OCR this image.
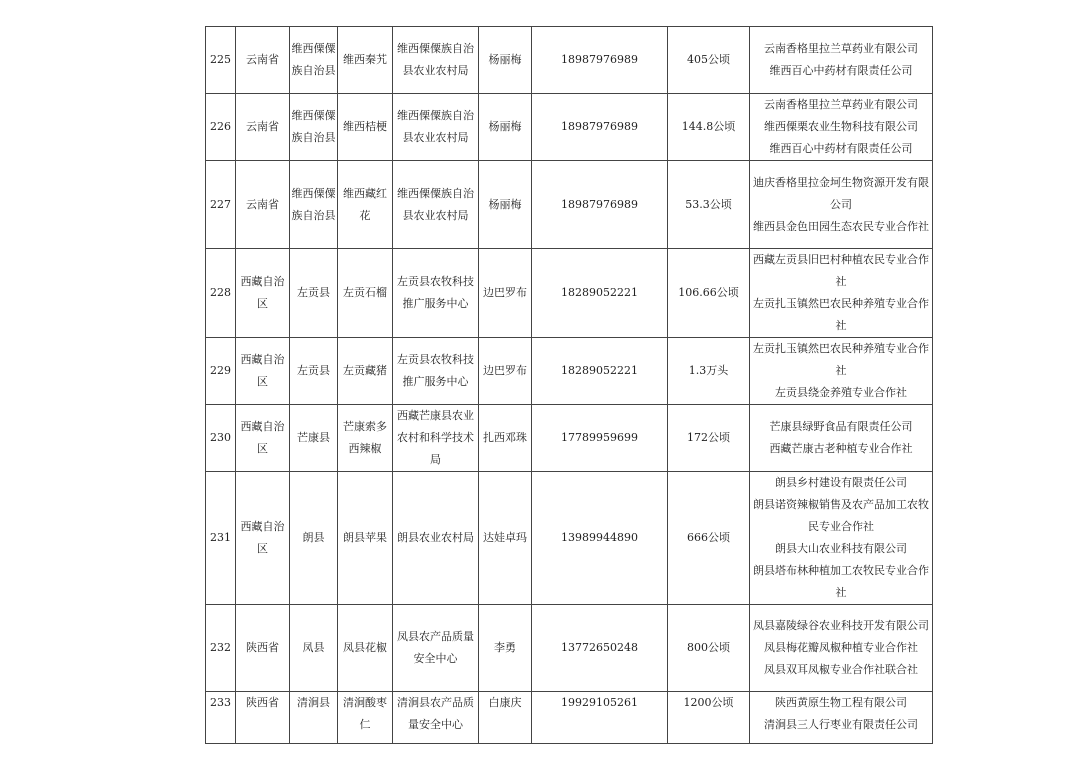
225	云南省	维西傈僳族自治县	维西秦艽	维西傈僳族自治县农业农村局	杨丽梅	18987976989	405公顷	云南香格里拉兰草药业有限公司
维西百心中药材有限责任公司

226	云南省	维西傈僳族自治县	维西桔梗	维西傈僳族自治县农业农村局	杨丽梅	18987976989	144.8公顷	云南香格里拉兰草药业有限公司
维西傈栗农业生物科技有限公司
维西百心中药材有限责任公司

227	云南省	维西傈僳族自治县	维西藏红花	维西傈僳族自治县农业农村局	杨丽梅	18987976989	53.3公顷	迪庆香格里拉金坷生物资源开发有限公司
维西县金色田园生态农民专业合作社

228	西藏自治区	左贡县	左贡石榴	左贡县农牧科技推广服务中心	边巴罗布	18289052221	106.66公顷	西藏左贡县旧巴村种植农民专业合作社
左贡扎玉镇然巴农民种养殖专业合作社

229	西藏自治区	左贡县	左贡藏猪	左贡县农牧科技推广服务中心	边巴罗布	18289052221	1.3万头	左贡扎玉镇然巴农民种养殖专业合作社
左贡县绕金养殖专业合作社

230	西藏自治区	芒康县	芒康索多西辣椒	西藏芒康县农业农村和科学技术局	扎西邓珠	17789959699	172公顷	芒康县绿野食品有限责任公司
西藏芒康古老种植专业合作社

231	西藏自治区	朗县	朗县苹果	朗县农业农村局	达娃卓玛	13989944890	666公顷	朗县乡村建设有限责任公司
朗县诺资辣椒销售及农产品加工农牧民专业合作社
朗县大山农业科技有限公司
朗县塔布林种植加工农牧民专业合作社

232	陕西省	凤县	凤县花椒	凤县农产品质量安全中心	李勇	13772650248	800公顷	凤县嘉陵绿谷农业科技开发有限公司
凤县梅花瓣凤椒种植专业合作社
凤县双耳凤椒专业合作社联合社

233	陕西省	清涧县	清涧酸枣仁	清涧县农产品质量安全中心	白康庆	19929105261	1200公顷	陕西黄原生物工程有限公司
清涧县三人行枣业有限责任公司
